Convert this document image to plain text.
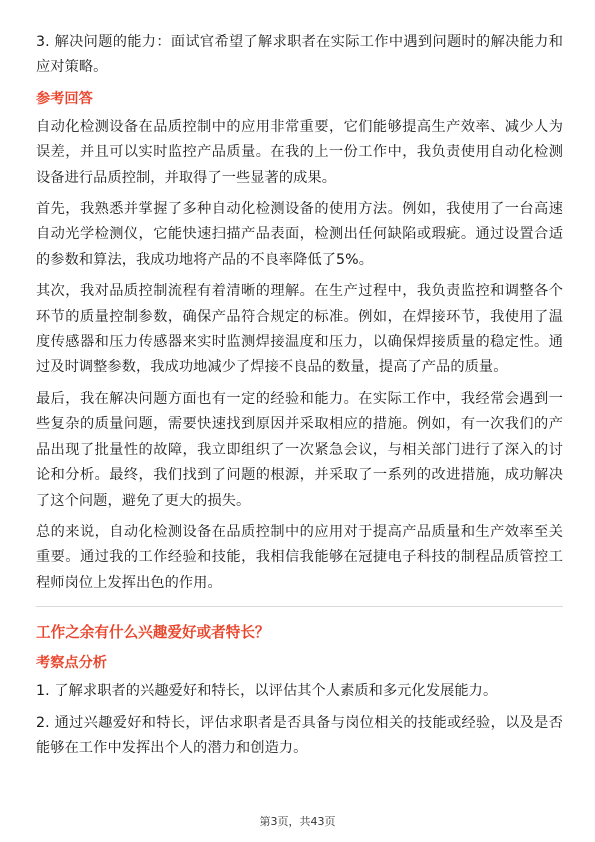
3. 解决问题的能力：面试官希望了解求职者在实际工作中遇到问题时的解决能力和应对策略。

参考回答

自动化检测设备在品质控制中的应用非常重要，它们能够提高生产效率、减少人为误差，并且可以实时监控产品质量。在我的上一份工作中，我负责使用自动化检测设备进行品质控制，并取得了一些显著的成果。

首先，我熟悉并掌握了多种自动化检测设备的使用方法。例如，我使用了一台高速自动光学检测仪，它能快速扫描产品表面，检测出任何缺陷或瑕疵。通过设置合适的参数和算法，我成功地将产品的不良率降低了5%。

其次，我对品质控制流程有着清晰的理解。在生产过程中，我负责监控和调整各个环节的质量控制参数，确保产品符合规定的标准。例如，在焊接环节，我使用了温度传感器和压力传感器来实时监测焊接温度和压力，以确保焊接质量的稳定性。通过及时调整参数，我成功地减少了焊接不良品的数量，提高了产品的质量。

最后，我在解决问题方面也有一定的经验和能力。在实际工作中，我经常会遇到一些复杂的质量问题，需要快速找到原因并采取相应的措施。例如，有一次我们的产品出现了批量性的故障，我立即组织了一次紧急会议，与相关部门进行了深入的讨论和分析。最终，我们找到了问题的根源，并采取了一系列的改进措施，成功解决了这个问题，避免了更大的损失。

总的来说，自动化检测设备在品质控制中的应用对于提高产品质量和生产效率至关重要。通过我的工作经验和技能，我相信我能够在冠捷电子科技的制程品质管控工程师岗位上发挥出色的作用。

工作之余有什么兴趣爱好或者特长？
考察点分析

1. 了解求职者的兴趣爱好和特长，以评估其个人素质和多元化发展能力。

2. 通过兴趣爱好和特长，评估求职者是否具备与岗位相关的技能或经验，以及是否能够在工作中发挥出个人的潜力和创造力。

第3页，共43页
